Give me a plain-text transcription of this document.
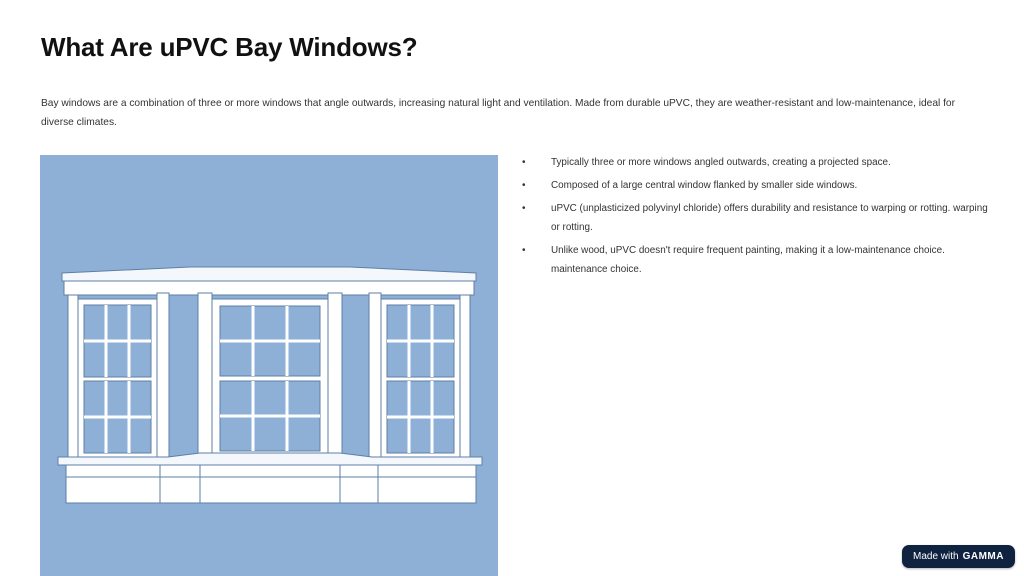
What Are uPVC Bay Windows?
Bay windows are a combination of three or more windows that angle outwards, increasing natural light and ventilation. Made from durable uPVC, they are weather-resistant and low-maintenance, ideal for diverse climates.
•	Typically three or more windows angled outwards, creating a projected space.
•	Composed of a large central window flanked by smaller side windows.
•	uPVC (unplasticized polyvinyl chloride) offers durability and resistance to warping or rotting. warping or rotting.
•	Unlike wood, uPVC doesn't require frequent painting, making it a low-maintenance choice. maintenance choice.
Made with GAMMA
